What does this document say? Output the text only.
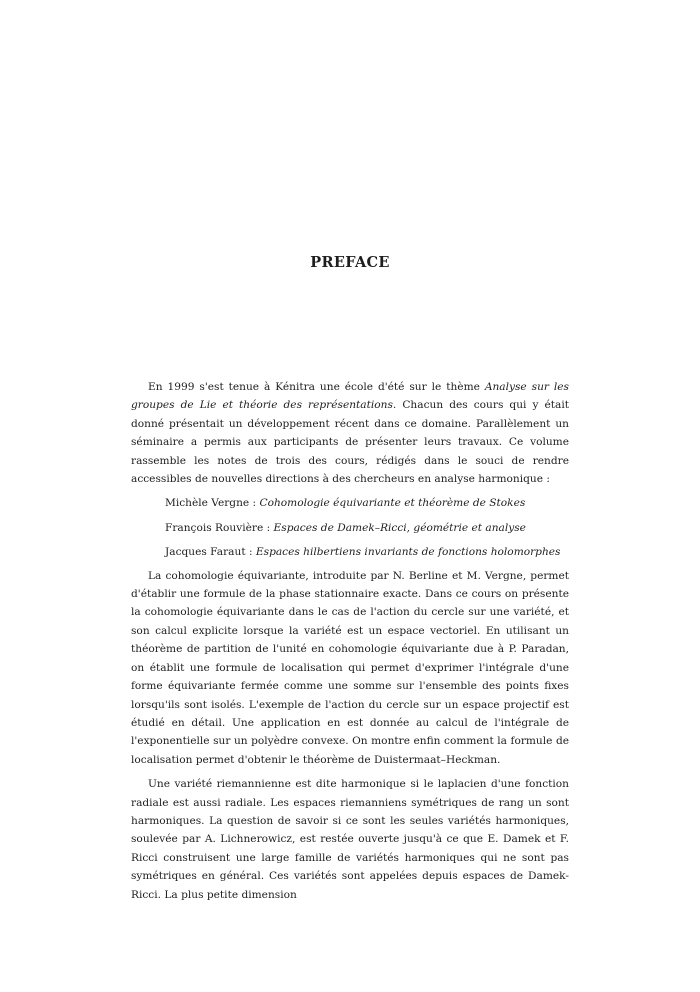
PREFACE

En 1999 s'est tenue à Kénitra une école d'été sur le thème Analyse sur les groupes de Lie et théorie des représentations. Chacun des cours qui y était donné présentait un développement récent dans ce domaine. Parallèlement un séminaire a permis aux participants de présenter leurs travaux. Ce volume rassemble les notes de trois des cours, rédigés dans le souci de rendre accessibles de nouvelles directions à des chercheurs en analyse harmonique :

Michèle Vergne : Cohomologie équivariante et théorème de Stokes

François Rouvière : Espaces de Damek–Ricci, géométrie et analyse

Jacques Faraut : Espaces hilbertiens invariants de fonctions holomorphes

La cohomologie équivariante, introduite par N. Berline et M. Vergne, permet d'établir une formule de la phase stationnaire exacte. Dans ce cours on présente la cohomologie équivariante dans le cas de l'action du cercle sur une variété, et son calcul explicite lorsque la variété est un espace vectoriel. En utilisant un théorème de partition de l'unité en cohomologie équivariante due à P. Paradan, on établit une formule de localisation qui permet d'exprimer l'intégrale d'une forme équivariante fermée comme une somme sur l'ensemble des points fixes lorsqu'ils sont isolés. L'exemple de l'action du cercle sur un espace projectif est étudié en détail. Une application en est donnée au calcul de l'intégrale de l'exponentielle sur un polyèdre convexe. On montre enfin comment la formule de localisation permet d'obtenir le théorème de Duistermaat–Heckman.

Une variété riemannienne est dite harmonique si le laplacien d'une fonction radiale est aussi radiale. Les espaces riemanniens symétriques de rang un sont harmoniques. La question de savoir si ce sont les seules variétés harmoniques, soulevée par A. Lichnerowicz, est restée ouverte jusqu'à ce que E. Damek et F. Ricci construisent une large famille de variétés harmoniques qui ne sont pas symétriques en général. Ces variétés sont appelées depuis espaces de Damek-Ricci. La plus petite dimension
